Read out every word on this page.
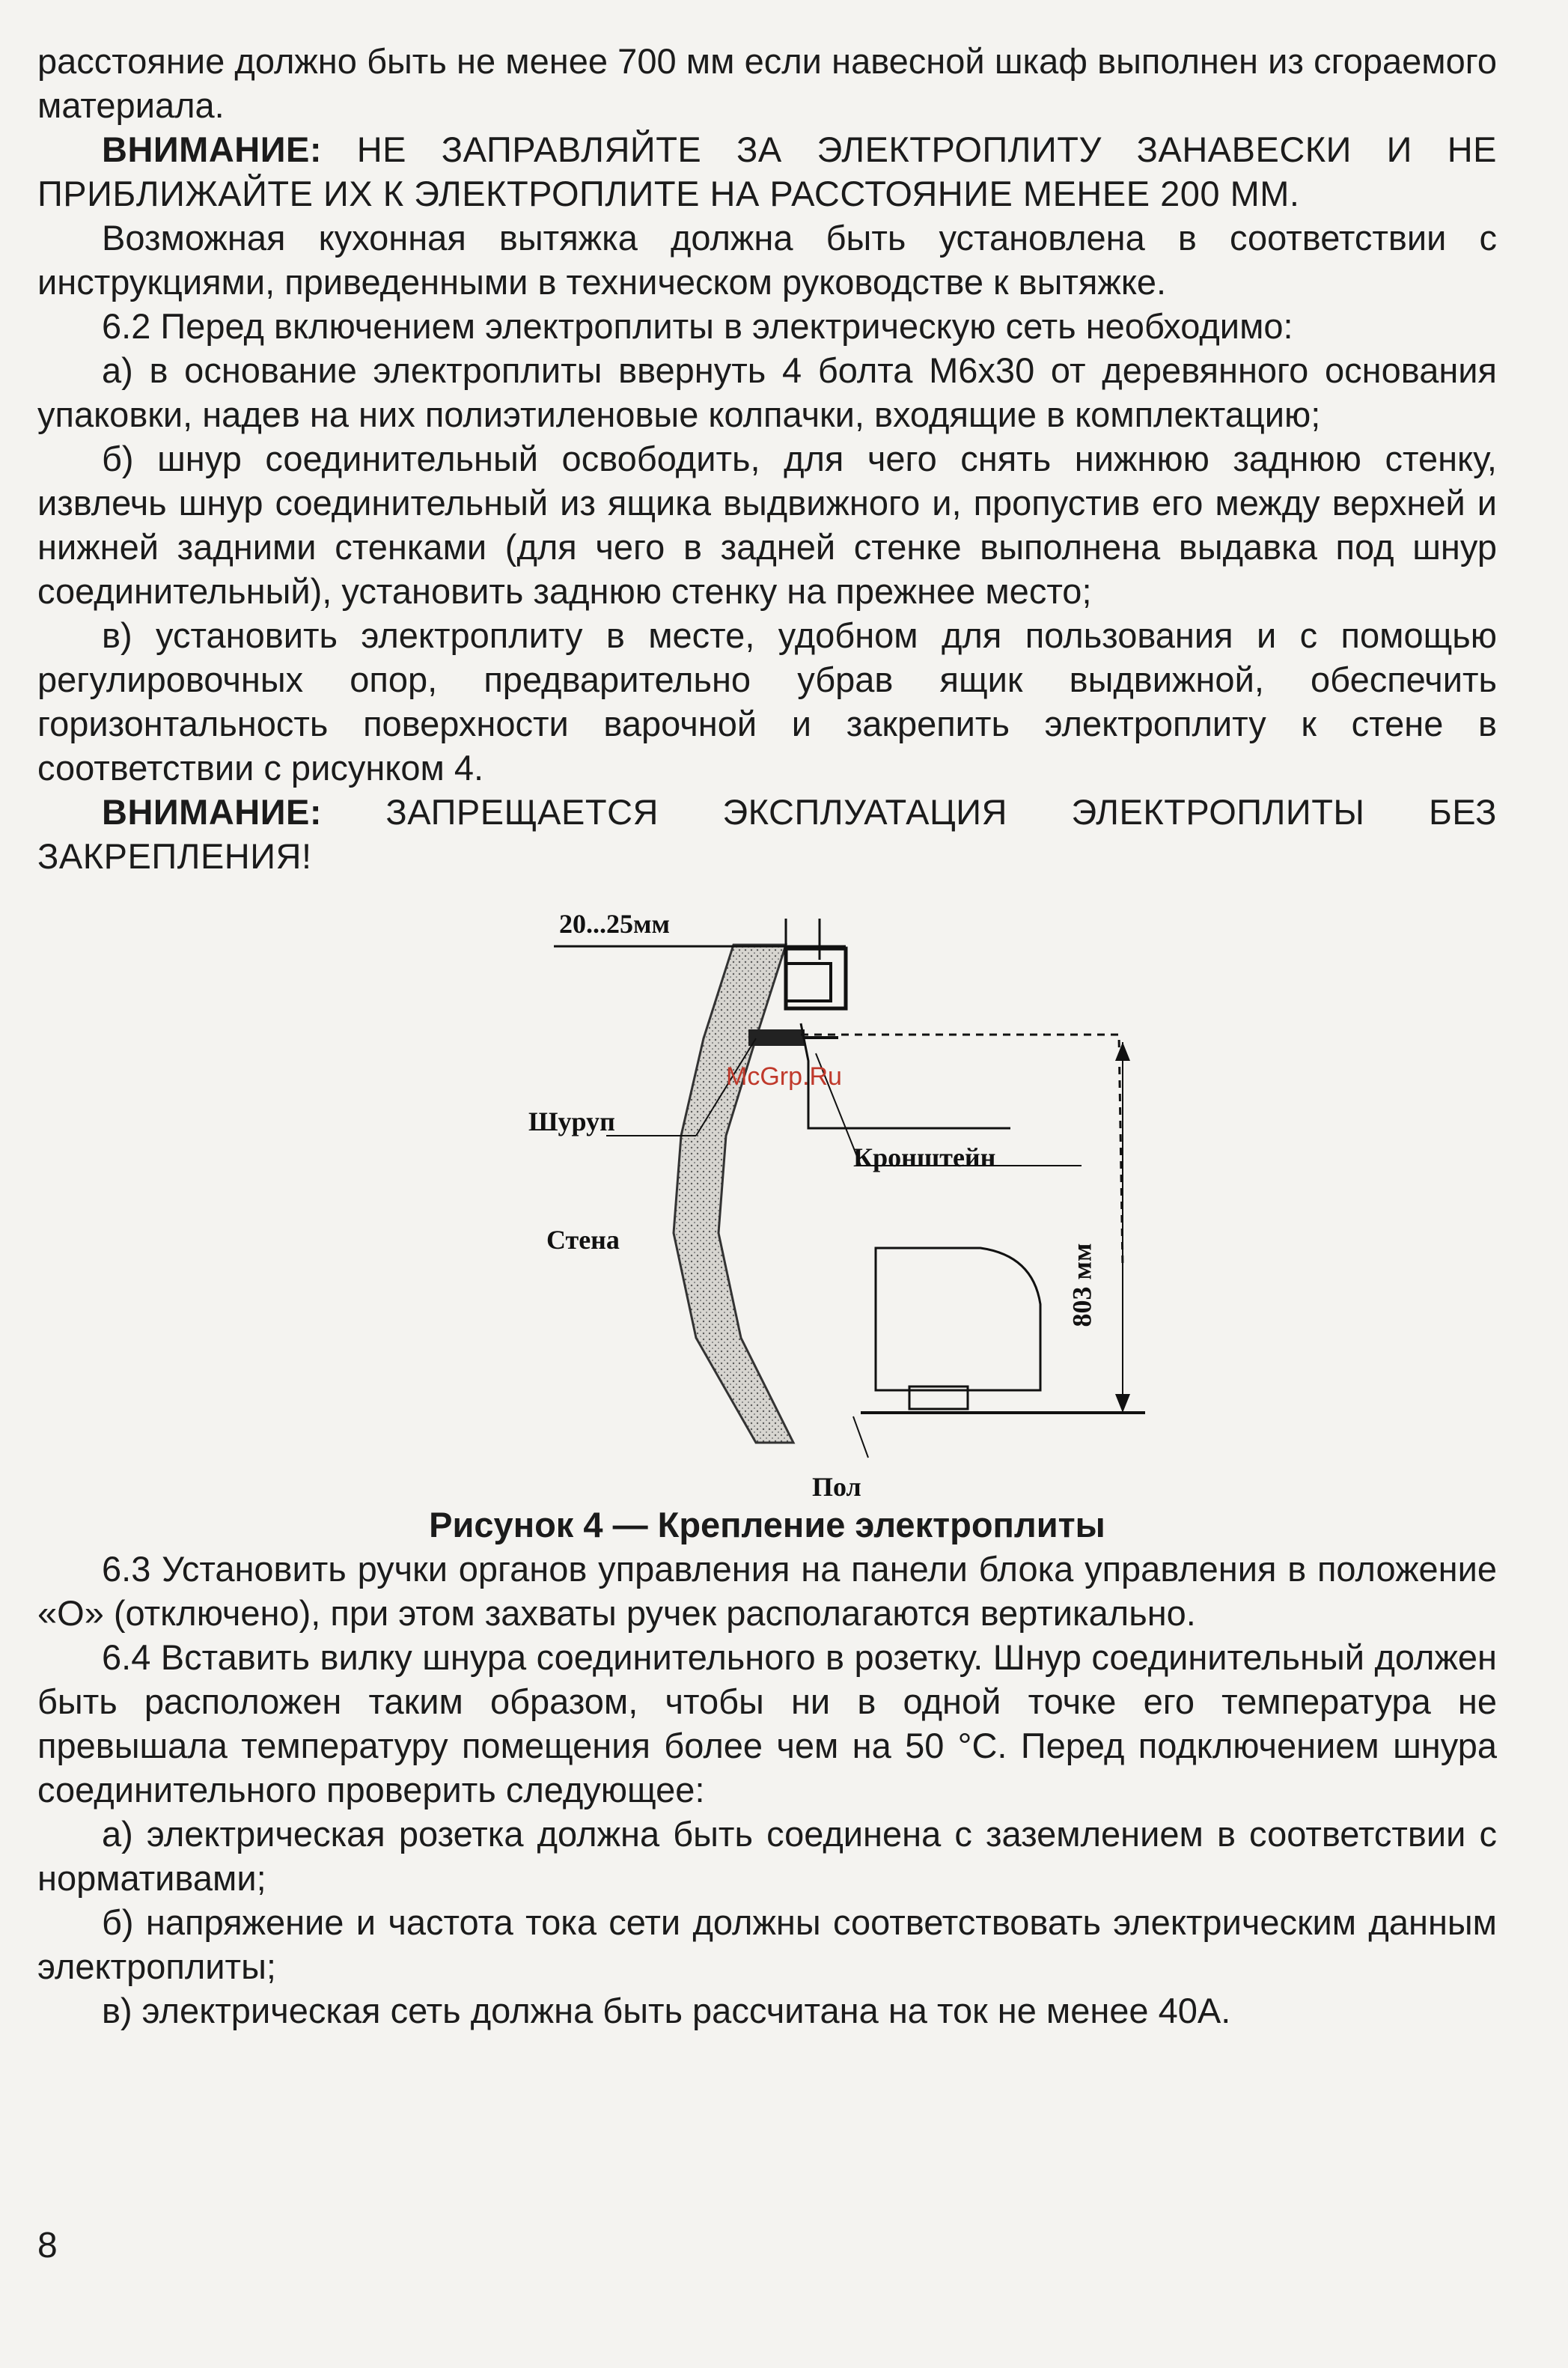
расстояние должно быть не менее 700 мм если навесной шкаф выполнен из сгораемого материала.

ВНИМАНИЕ: НЕ ЗАПРАВЛЯЙТЕ ЗА ЭЛЕКТРОПЛИТУ ЗАНАВЕСКИ И НЕ ПРИБЛИЖАЙТЕ ИХ К ЭЛЕКТРОПЛИТЕ НА РАССТОЯНИЕ МЕНЕЕ 200 ММ.

Возможная кухонная вытяжка должна быть установлена в соответствии с инструкциями, приведенными в техническом руководстве к вытяжке.

6.2 Перед включением электроплиты в электрическую сеть необходимо:

а) в основание электроплиты ввернуть 4 болта М6х30 от деревянного основания упаковки, надев на них полиэтиленовые колпачки, входящие в комплектацию;

б) шнур соединительный освободить, для чего снять нижнюю заднюю стенку, извлечь шнур соединительный из ящика выдвижного и, пропустив его между верхней и нижней задними стенками (для чего в задней стенке выполнена выдавка под шнур соединительный), установить заднюю стенку на прежнее место;

в) установить электроплиту в месте, удобном для пользования и с помощью регулировочных опор, предварительно убрав ящик выдвижной, обеспечить горизонтальность поверхности варочной и закрепить электроплиту к стене в соответствии с рисунком 4.

ВНИМАНИЕ: ЗАПРЕЩАЕТСЯ ЭКСПЛУАТАЦИЯ ЭЛЕКТРОПЛИТЫ БЕЗ ЗАКРЕПЛЕНИЯ!

20...25мм
Шуруп
Кронштейн
Стена
803 мм
Пол
McGrp.Ru

Рисунок 4 — Крепление электроплиты

6.3 Установить ручки органов управления на панели блока управления в положение «О» (отключено), при этом захваты ручек располагаются вертикально.

6.4 Вставить вилку шнура соединительного в розетку. Шнур соединительный должен быть расположен таким образом, чтобы ни в одной точке его температура не превышала температуру помещения более чем на 50 °С. Перед подключением шнура соединительного проверить следующее:

а) электрическая розетка должна быть соединена с заземлением в соответствии с нормативами;

б) напряжение и частота тока сети должны соответствовать электрическим данным электроплиты;

в) электрическая сеть должна быть рассчитана на ток не менее 40А.

8
